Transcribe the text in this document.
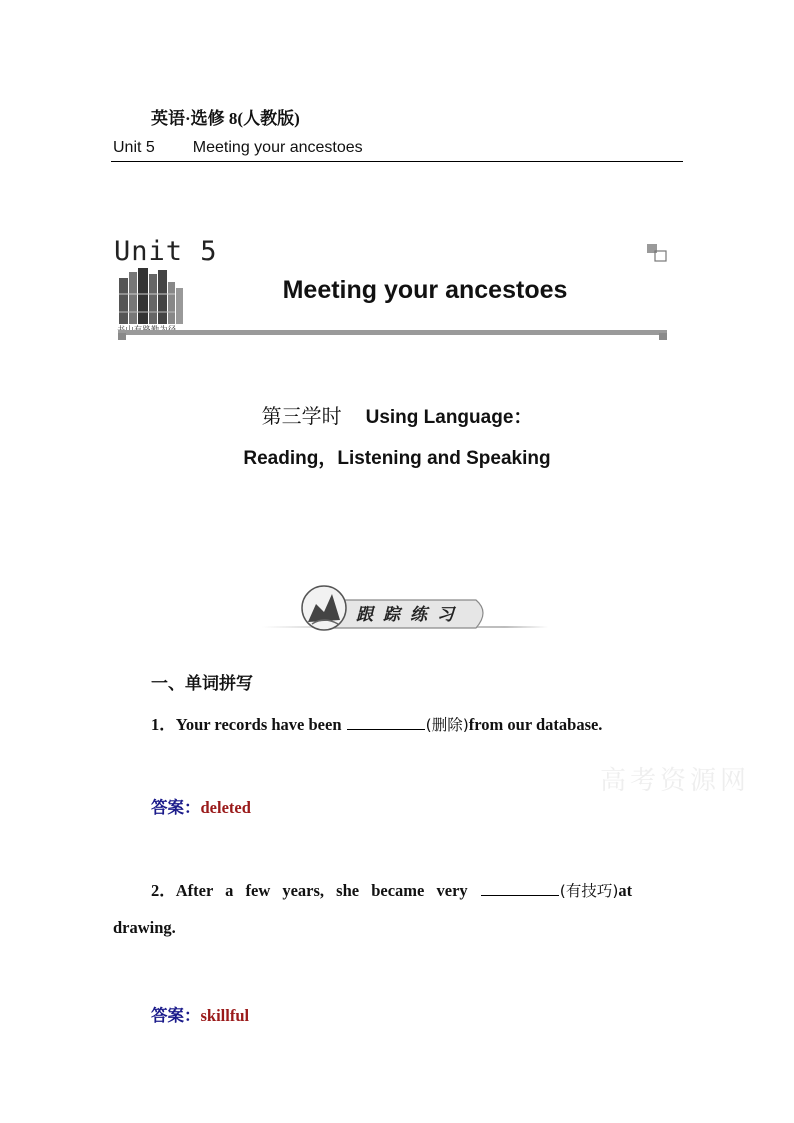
英语·选修 8(人教版)
Unit 5 Meeting your ancestoes
Unit 5
Meeting your ancestoes
第三学时 Using Language：
Reading，Listening and Speaking
跟踪练习
一、单词拼写
1．Your records have been	(删除)from our database.
答案：deleted
2．After a few years, she became very	(有技巧)at
drawing.
答案：skillful
高考资源网
